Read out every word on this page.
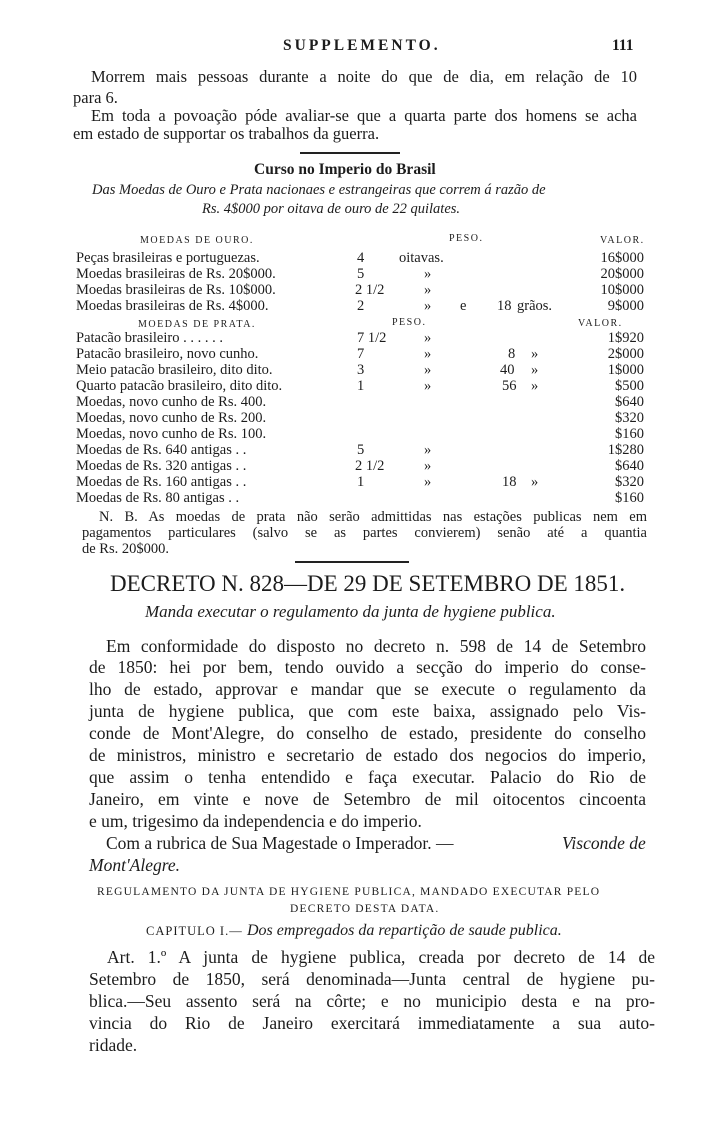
SUPPLEMENTO.	111
Morrem mais pessoas durante a noite do que de dia, em relação de 10
para 6.
Em toda a povoação póde avaliar-se que a quarta parte dos homens se acha
em estado de supportar os trabalhos da guerra.
Curso no Imperio do Brasil
Das Moedas de Ouro e Prata nacionaes e estrangeiras que correm á razão de
Rs. 4$000 por oitava de ouro de 22 quilates.
MOEDAS DE OURO.	PESO.	VALOR.
Peças brasileiras e portuguezas.	4 oitavas.	16$000
Moedas brasileiras de Rs. 20$000.	5	»	20$000
Moedas brasileiras de Rs. 10$000.	2 1/2	»	10$000
Moedas brasileiras de Rs. 4$000.	2	» e 18 grãos.	9$000
MOEDAS DE PRATA.	PESO.	VALOR.
Patacão brasileiro . . . . . .	7 1/2	»	1$920
Patacão brasileiro, novo cunho.	7	»	8 »	2$000
Meio patacão brasileiro, dito dito.	3	»	40 »	1$000
Quarto patacão brasileiro, dito dito.	1	»	56 »	$500
Moedas, novo cunho de Rs. 400.	$640
Moedas, novo cunho de Rs. 200.	$320
Moedas, novo cunho de Rs. 100.	$160
Moedas de Rs. 640 antigas . .	5	»	1$280
Moedas de Rs. 320 antigas . .	2 1/2	»	$640
Moedas de Rs. 160 antigas . .	1	»	18 »	$320
Moedas de Rs. 80 antigas . .	$160
N. B. As moedas de prata não serão admittidas nas estações publicas nem em
pagamentos particulares (salvo se as partes convierem) senão até a quantia
de Rs. 20$000.
DECRETO N. 828—DE 29 DE SETEMBRO DE 1851.
Manda executar o regulamento da junta de hygiene publica.
Em conformidade do disposto no decreto n. 598 de 14 de Setembro
de 1850: hei por bem, tendo ouvido a secção do imperio do conse-
lho de estado, approvar e mandar que se execute o regulamento da
junta de hygiene publica, que com este baixa, assignado pelo Vis-
conde de Mont'Alegre, do conselho de estado, presidente do conselho
de ministros, ministro e secretario de estado dos negocios do imperio,
que assim o tenha entendido e faça executar. Palacio do Rio de
Janeiro, em vinte e nove de Setembro de mil oitocentos cincoenta
e um, trigesimo da independencia e do imperio.
Com a rubrica de Sua Magestade o Imperador. —	Visconde de
Mont'Alegre.
REGULAMENTO DA JUNTA DE HYGIENE PUBLICA, MANDADO EXECUTAR PELO
DECRETO DESTA DATA.
CAPITULO I.— Dos empregados da repartição de saude publica.
Art. 1.º A junta de hygiene publica, creada por decreto de 14 de
Setembro de 1850, será denominada—Junta central de hygiene pu-
blica.—Seu assento será na côrte; e no municipio desta e na pro-
vincia do Rio de Janeiro exercitará immediatamente a sua auto-
ridade.
